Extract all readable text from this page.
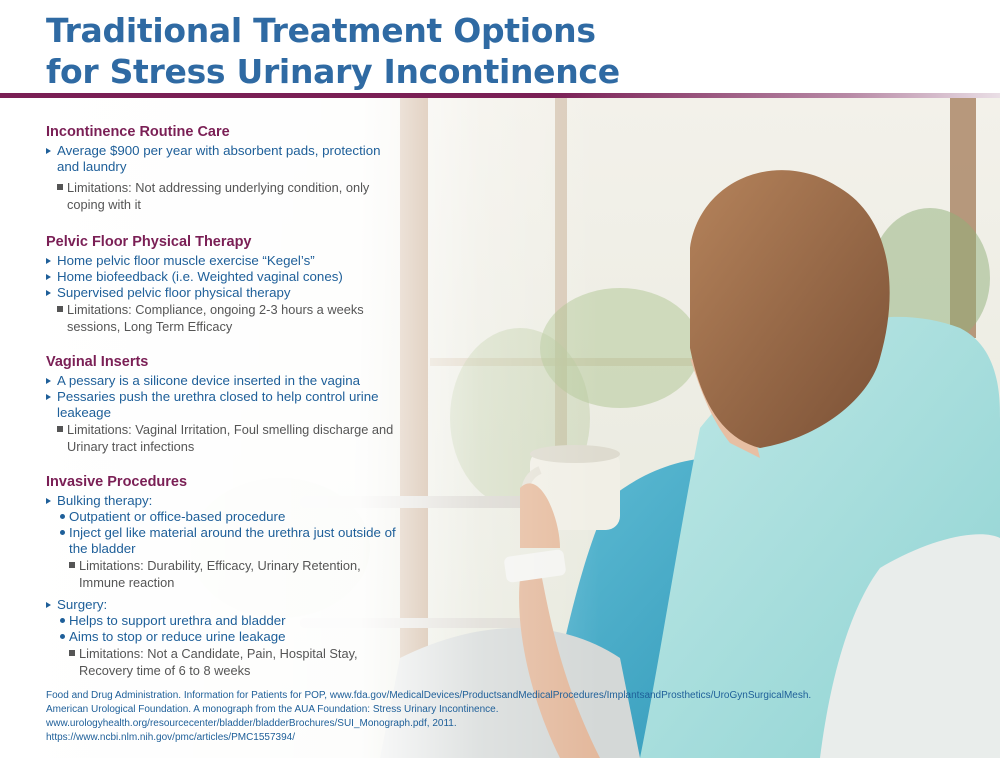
Traditional Treatment Options
for Stress Urinary Incontinence
Incontinence Routine Care
Average $900 per year with absorbent pads, protection and laundry
Limitations: Not addressing underlying condition, only coping with it
Pelvic Floor Physical Therapy
Home pelvic floor muscle exercise “Kegel’s”
Home biofeedback (i.e. Weighted vaginal cones)
Supervised pelvic floor physical therapy
Limitations: Compliance, ongoing 2-3 hours a weeks sessions, Long Term Efficacy
Vaginal Inserts
A pessary is a silicone device inserted in the vagina
Pessaries push the urethra closed to help control urine leakeage
Limitations: Vaginal Irritation, Foul smelling discharge and Urinary tract infections
Invasive Procedures
Bulking therapy:
Outpatient or office-based procedure
Inject gel like material around the urethra just outside of the bladder
Limitations: Durability, Efficacy, Urinary Retention, Immune reaction
Surgery:
Helps to support urethra and bladder
Aims to stop or reduce urine leakage
Limitations: Not a Candidate, Pain, Hospital Stay, Recovery time of 6 to 8 weeks
Food and Drug Administration. Information for Patients for POP, www.fda.gov/MedicalDevices/ProductsandMedicalProcedures/ImplantsandProsthetics/UroGynSurgicalMesh.
American Urological Foundation. A monograph from the AUA Foundation: Stress Urinary Incontinence.
www.urologyhealth.org/resourcecenter/bladder/bladderBrochures/SUI_Monograph.pdf, 2011.
https://www.ncbi.nlm.nih.gov/pmc/articles/PMC1557394/
